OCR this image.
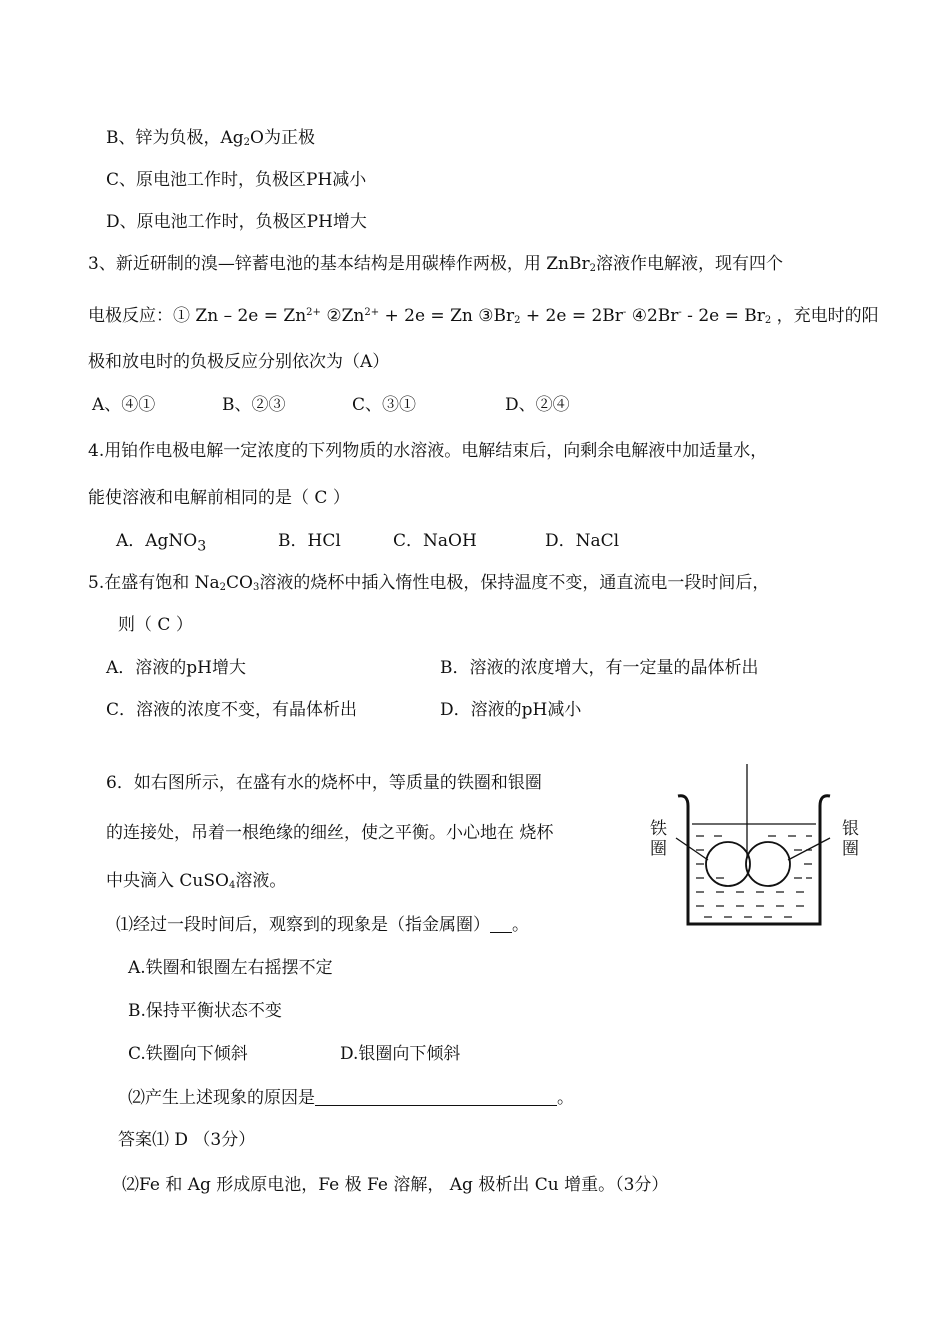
B、锌为负极，$Ag_2O$为正极
C、原电池工作时，负极区PH减小
D、原电池工作时，负极区PH增大
3、新近研制的溴—锌蓄电池的基本结构是用碳棒作两极，用 ZnBr$_2$溶液作电解液，现有四个
电极反应：① $Zn - 2e = Zn^{2+}$ $②Zn^{2+} + 2e = Zn$ $③Br_2 + 2e = 2Br^-$ ④2Br- - $2e = Br_2$ ，充电时的阳
极和放电时的负极反应分别依次为（A）
A、④①	B、②③	C、③①	D、②④
4.用铂作电极电解一定浓度的下列物质的水溶液。电解结束后，向剩余电解液中加适量水，
能使溶液和电解前相同的是（ C ）
A．AgNO$_3$	B．HCl	C．NaOH	D．NaCl
5.在盛有饱和 $Na_2CO_3$溶液的烧杯中插入惰性电极，保持温度不变，通直流电一段时间后，
则（ C ）
A．溶液的pH增大	B．溶液的浓度增大，有一定量的晶体析出
C．溶液的浓度不变，有晶体析出	D．溶液的pH减小
6．如右图所示，在盛有水的烧杯中，等质量的铁圈和银圈
的连接处，吊着一根绝缘的细丝，使之平衡。小心地在 烧杯
中央滴入 CuSO$_4$溶液。
⑴经过一段时间后，观察到的现象是（指金属圈） 。
A.铁圈和银圈左右摇摆不定
B.保持平衡状态不变
C.铁圈向下倾斜	D.银圈向下倾斜
⑵产生上述现象的原因是	。
答案⑴ D （3分）
⑵Fe 和 Ag 形成原电池，Fe 极 Fe 溶解， Ag 极析出 Cu 增重。（3分）
铁圈
银圈
